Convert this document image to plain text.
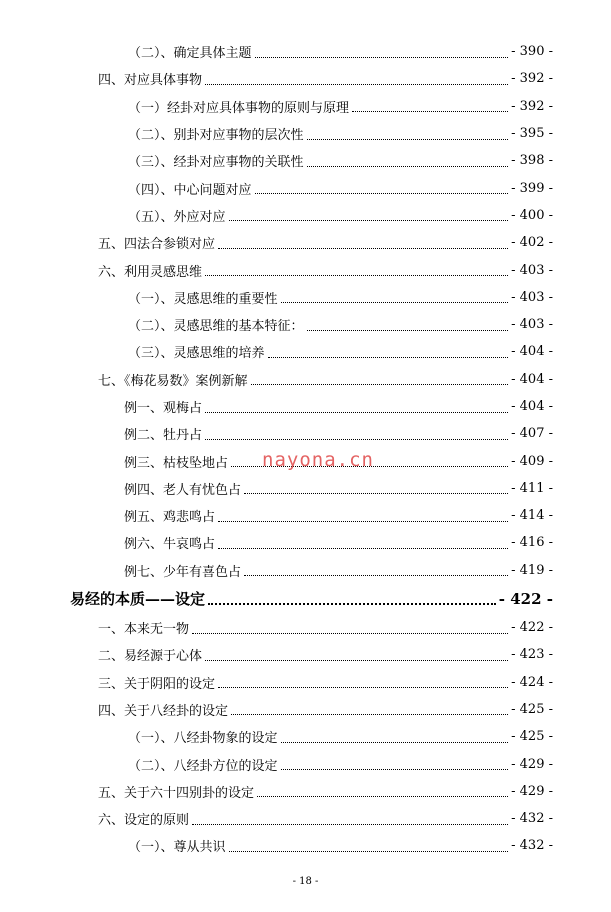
（二）、确定具体主题	- 390 -
四、对应具体事物	- 392 -
（一）经卦对应具体事物的原则与原理	- 392 -
（二）、别卦对应事物的层次性	- 395 -
（三）、经卦对应事物的关联性	- 398 -
（四）、中心问题对应	- 399 -
（五）、外应对应	- 400 -
五、四法合参锁对应	- 402 -
六、利用灵感思维	- 403 -
（一）、灵感思维的重要性	- 403 -
（二）、灵感思维的基本特征：	- 403 -
（三）、灵感思维的培养	- 404 -
七、《梅花易数》案例新解	- 404 -
例一、观梅占	- 404 -
例二、牡丹占	- 407 -
例三、枯枝坠地占	- 409 -
例四、老人有忧色占	- 411 -
例五、鸡悲鸣占	- 414 -
例六、牛哀鸣占	- 416 -
例七、少年有喜色占	- 419 -
易经的本质——设定	- 422 -
一、本来无一物	- 422 -
二、易经源于心体	- 423 -
三、关于阴阳的设定	- 424 -
四、关于八经卦的设定	- 425 -
（一）、八经卦物象的设定	- 425 -
（二）、八经卦方位的设定	- 429 -
五、关于六十四别卦的设定	- 429 -
六、设定的原则	- 432 -
（一）、尊从共识	- 432 -
nayona.cn
- 18 -
